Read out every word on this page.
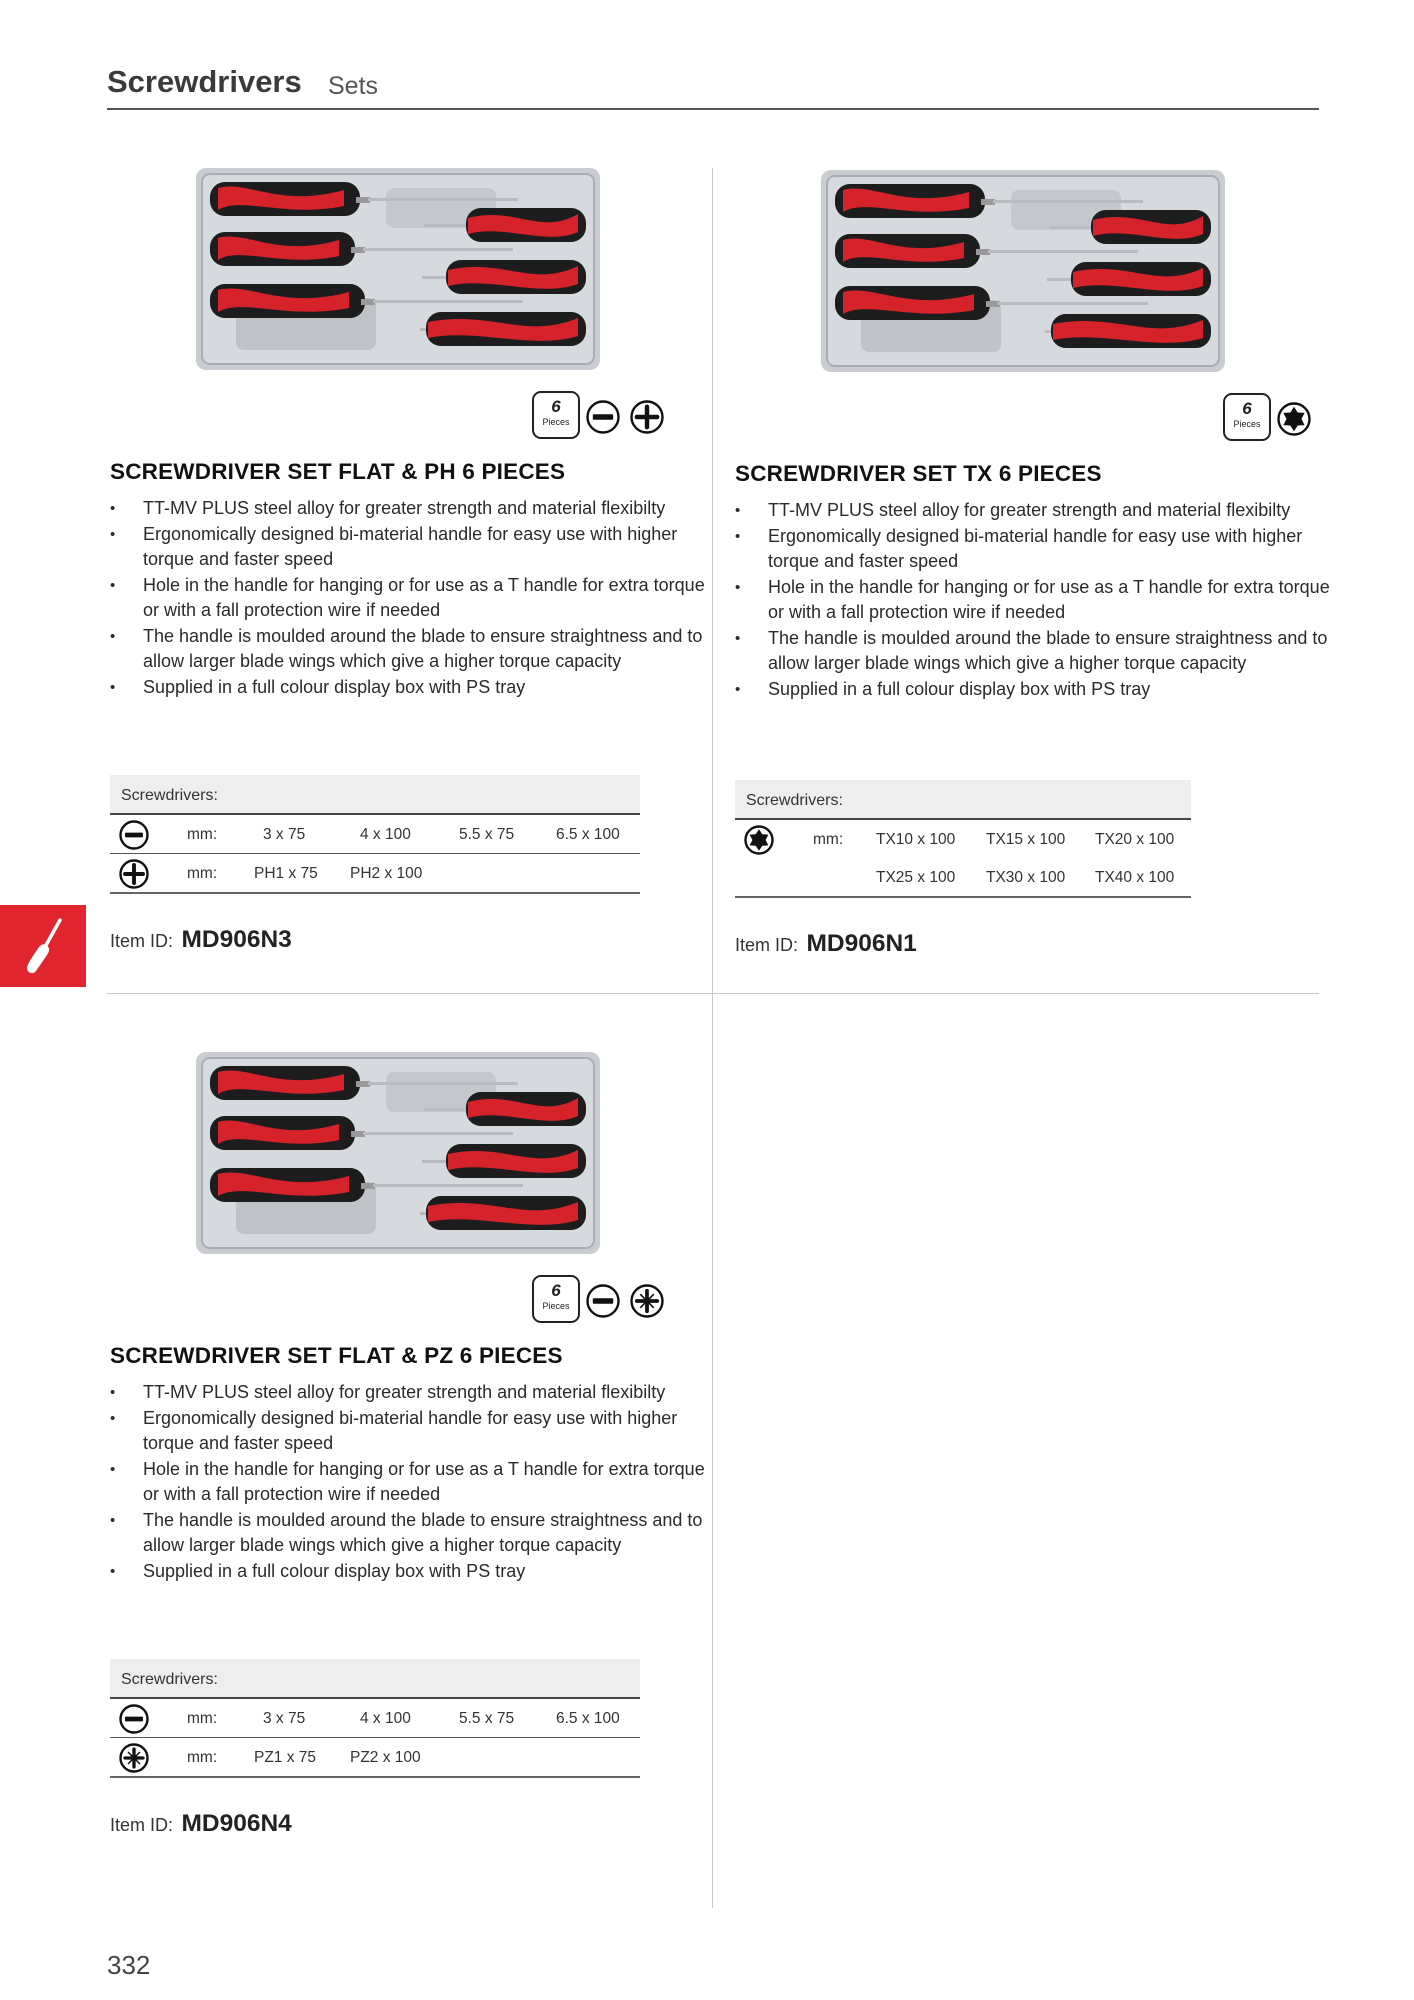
Screwdrivers Sets
6
Pieces
SCREWDRIVER SET FLAT & PH 6 PIECES
• TT-MV PLUS steel alloy for greater strength and material flexibilty
• Ergonomically designed bi-material handle for easy use with higher torque and faster speed
• Hole in the handle for hanging or for use as a T handle for extra torque or with a fall protection wire if needed
• The handle is moulded around the blade to ensure straightness and to allow larger blade wings which give a higher torque capacity
• Supplied in a full colour display box with PS tray
Screwdrivers:
mm:	3 x 75	4 x 100	5.5 x 75	6.5 x 100
mm: PH1 x 75 PH2 x 100
Item ID: MD906N3
6
Pieces
SCREWDRIVER SET TX 6 PIECES
• TT-MV PLUS steel alloy for greater strength and material flexibilty
• Ergonomically designed bi-material handle for easy use with higher torque and faster speed
• Hole in the handle for hanging or for use as a T handle for extra torque or with a fall protection wire if needed
• The handle is moulded around the blade to ensure straightness and to allow larger blade wings which give a higher torque capacity
• Supplied in a full colour display box with PS tray
Screwdrivers:
mm: TX10 x 100 TX15 x 100 TX20 x 100
TX25 x 100 TX30 x 100 TX40 x 100
Item ID: MD906N1
6
Pieces
SCREWDRIVER SET FLAT & PZ 6 PIECES
• TT-MV PLUS steel alloy for greater strength and material flexibilty
• Ergonomically designed bi-material handle for easy use with higher torque and faster speed
• Hole in the handle for hanging or for use as a T handle for extra torque or with a fall protection wire if needed
• The handle is moulded around the blade to ensure straightness and to allow larger blade wings which give a higher torque capacity
• Supplied in a full colour display box with PS tray
Screwdrivers:
mm:	3 x 75	4 x 100	5.5 x 75	6.5 x 100
mm: PZ1 x 75 PZ2 x 100
Item ID: MD906N4
332
